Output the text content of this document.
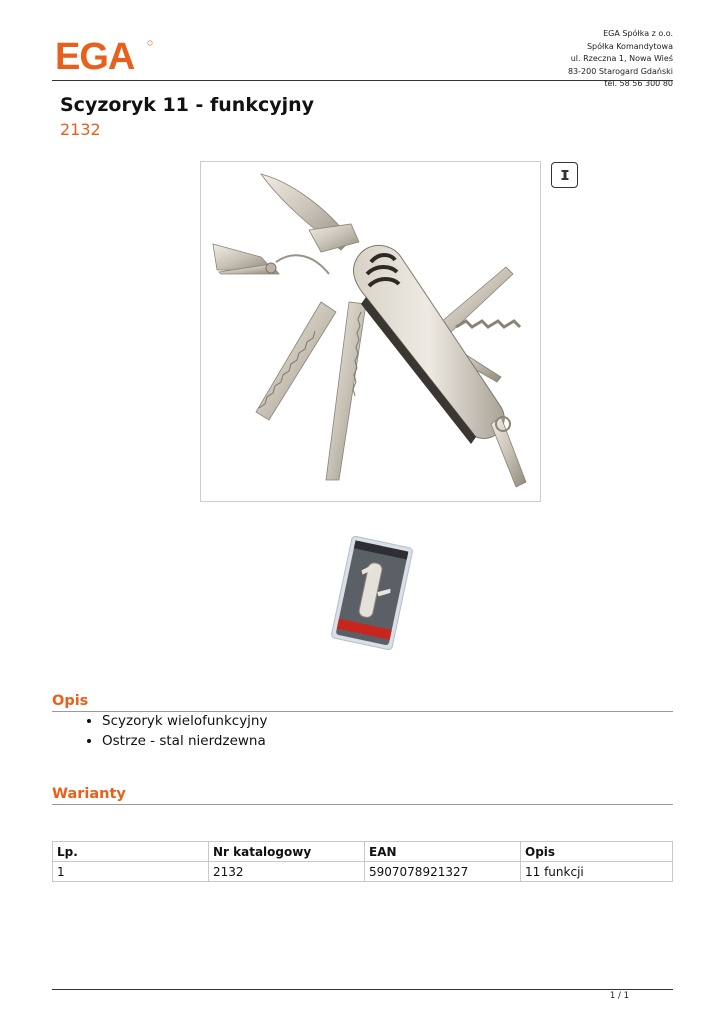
EGA
EGA Spółka z o.o.
Spółka Komandytowa
ul. Rzeczna 1, Nowa Wieś
83-200 Starogard Gdański
tel. 58 56 300 80
Scyzoryk 11 - funkcyjny
2132
Opis
• Scyzoryk wielofunkcyjny
• Ostrze - stal nierdzewna
Warianty
Lp.	Nr katalogowy	EAN	Opis
1	2132	5907078921327	11 funkcji
1 / 1
